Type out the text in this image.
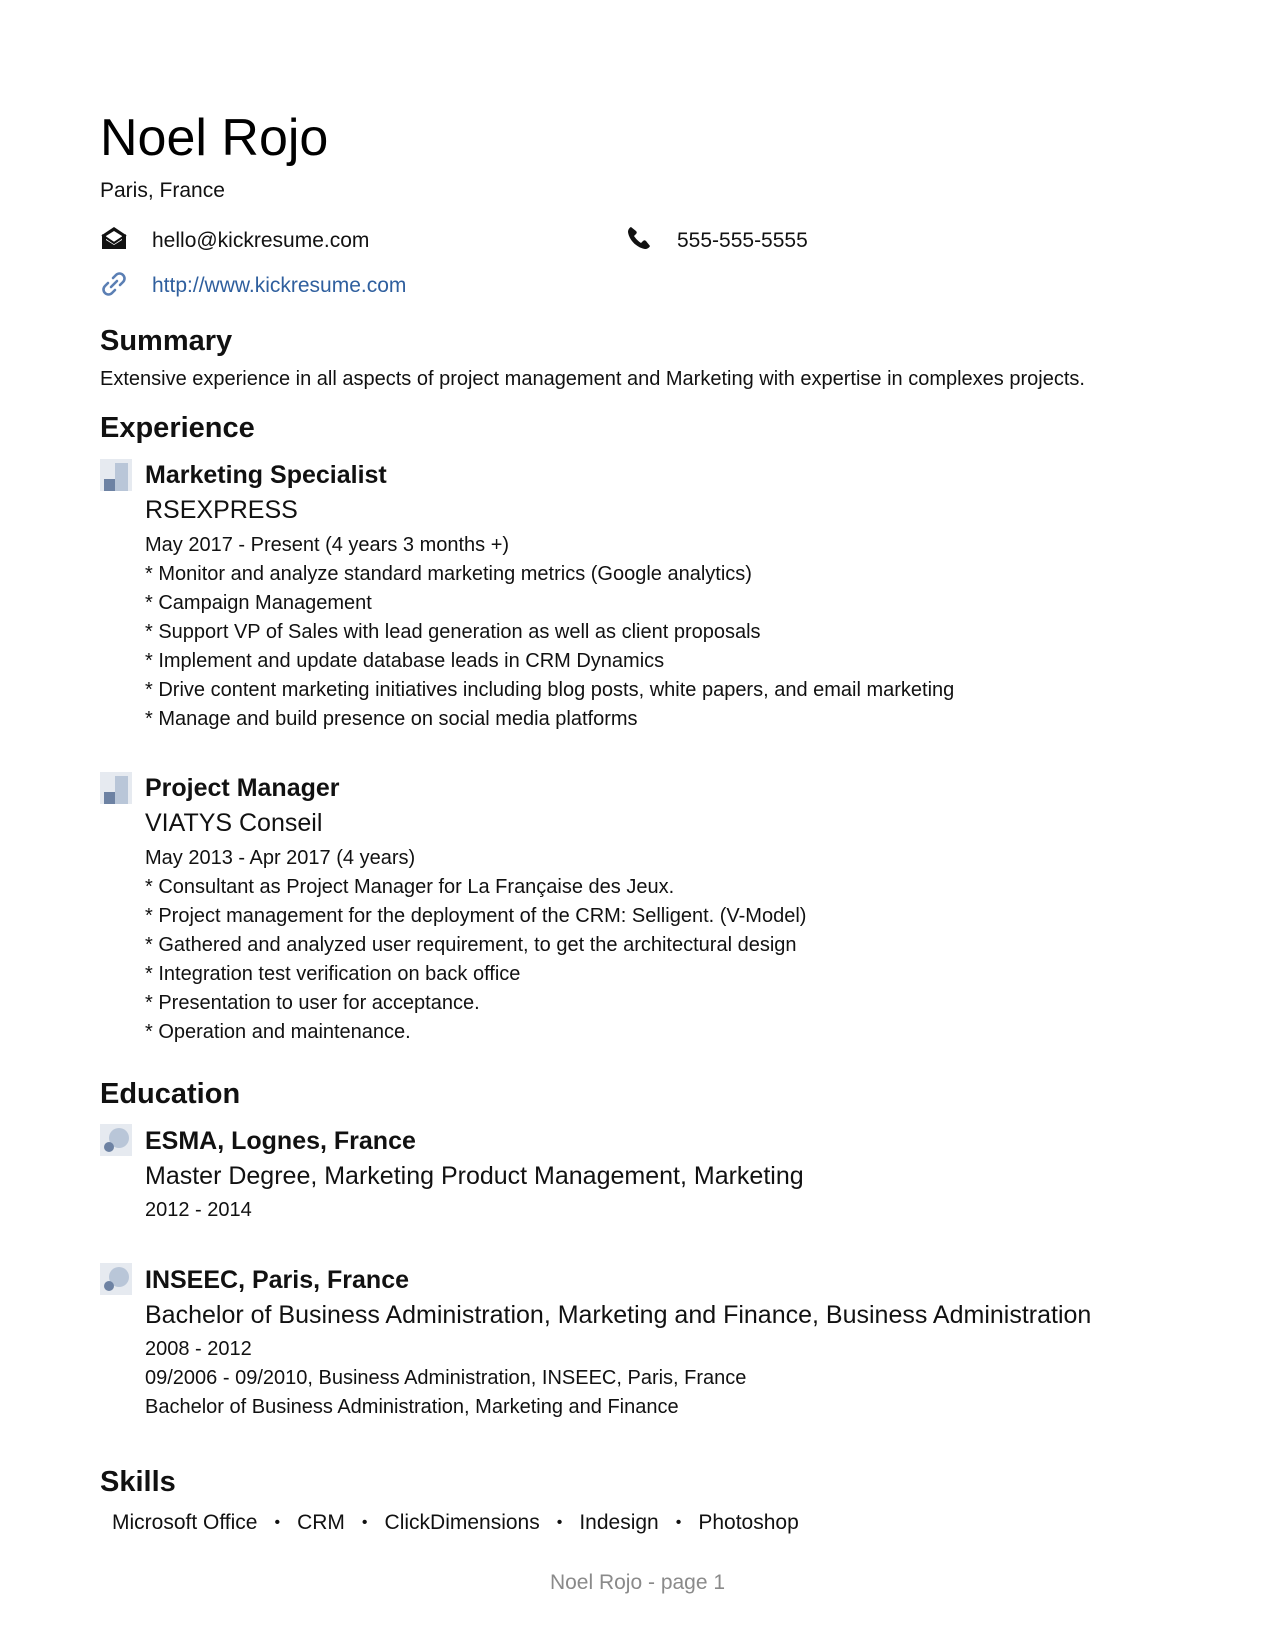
Noel Rojo
Paris, France
hello@kickresume.com	555-555-5555
http://www.kickresume.com
Summary
Extensive experience in all aspects of project management and Marketing with expertise in complexes projects.
Experience
Marketing Specialist
RSEXPRESS
May 2017 - Present (4 years 3 months +)
* Monitor and analyze standard marketing metrics (Google analytics)
* Campaign Management
* Support VP of Sales with lead generation as well as client proposals
* Implement and update database leads in CRM Dynamics
* Drive content marketing initiatives including blog posts, white papers, and email marketing
* Manage and build presence on social media platforms
Project Manager
VIATYS Conseil
May 2013 - Apr 2017 (4 years)
* Consultant as Project Manager for La Française des Jeux.
* Project management for the deployment of the CRM: Selligent. (V-Model)
* Gathered and analyzed user requirement, to get the architectural design
* Integration test verification on back office
* Presentation to user for acceptance.
* Operation and maintenance.
Education
ESMA, Lognes, France
Master Degree, Marketing Product Management, Marketing
2012 - 2014
INSEEC, Paris, France
Bachelor of Business Administration, Marketing and Finance, Business Administration
2008 - 2012
09/2006 - 09/2010, Business Administration, INSEEC, Paris, France
Bachelor of Business Administration, Marketing and Finance
Skills
Microsoft Office • CRM • ClickDimensions • Indesign • Photoshop
Noel Rojo - page 1
